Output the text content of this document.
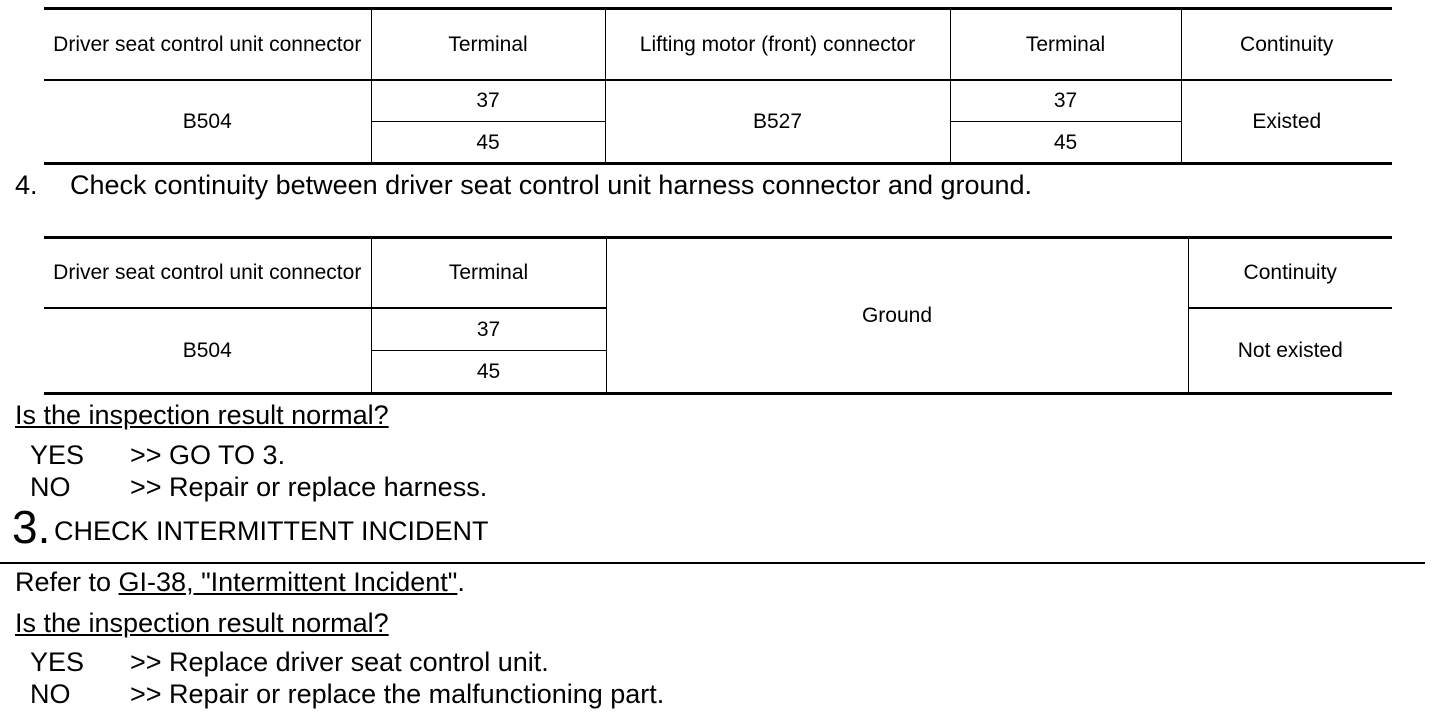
Driver seat control unit connector	Terminal	Lifting motor (front) connector	Terminal	Continuity
B504	37	B527	37	Existed
	45		45	
4. Check continuity between driver seat control unit harness connector and ground.
Driver seat control unit connector	Terminal	Ground	Continuity
B504	37		Not existed
	45		
Is the inspection result normal?
YES >> GO TO 3.
NO >> Repair or replace harness.
3. CHECK INTERMITTENT INCIDENT
Refer to GI-38, "Intermittent Incident".
Is the inspection result normal?
YES >> Replace driver seat control unit.
NO >> Repair or replace the malfunctioning part.
